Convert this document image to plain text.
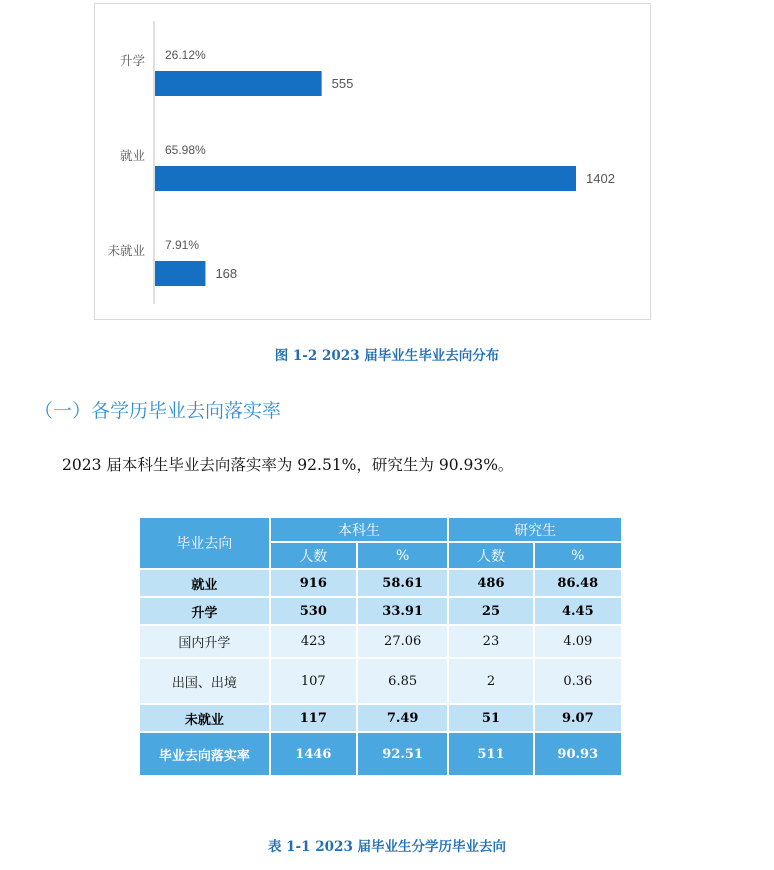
升学 26.12%
555
就业 65.98%
1402
未就业 7.91%
168
图 1-2 2023 届毕业生毕业去向分布
（一）各学历毕业去向落实率
2023 届本科生毕业去向落实率为 92.51%，研究生为 90.93%。
毕业去向	本科生		研究生	
	人数	%	人数	%
就业	916	58.61	486	86.48
升学	530	33.91	25	4.45
国内升学	423	27.06	23	4.09
出国、出境	107	6.85	2	0.36
未就业	117	7.49	51	9.07
毕业去向落实率	1446	92.51	511	90.93
表 1-1 2023 届毕业生分学历毕业去向
